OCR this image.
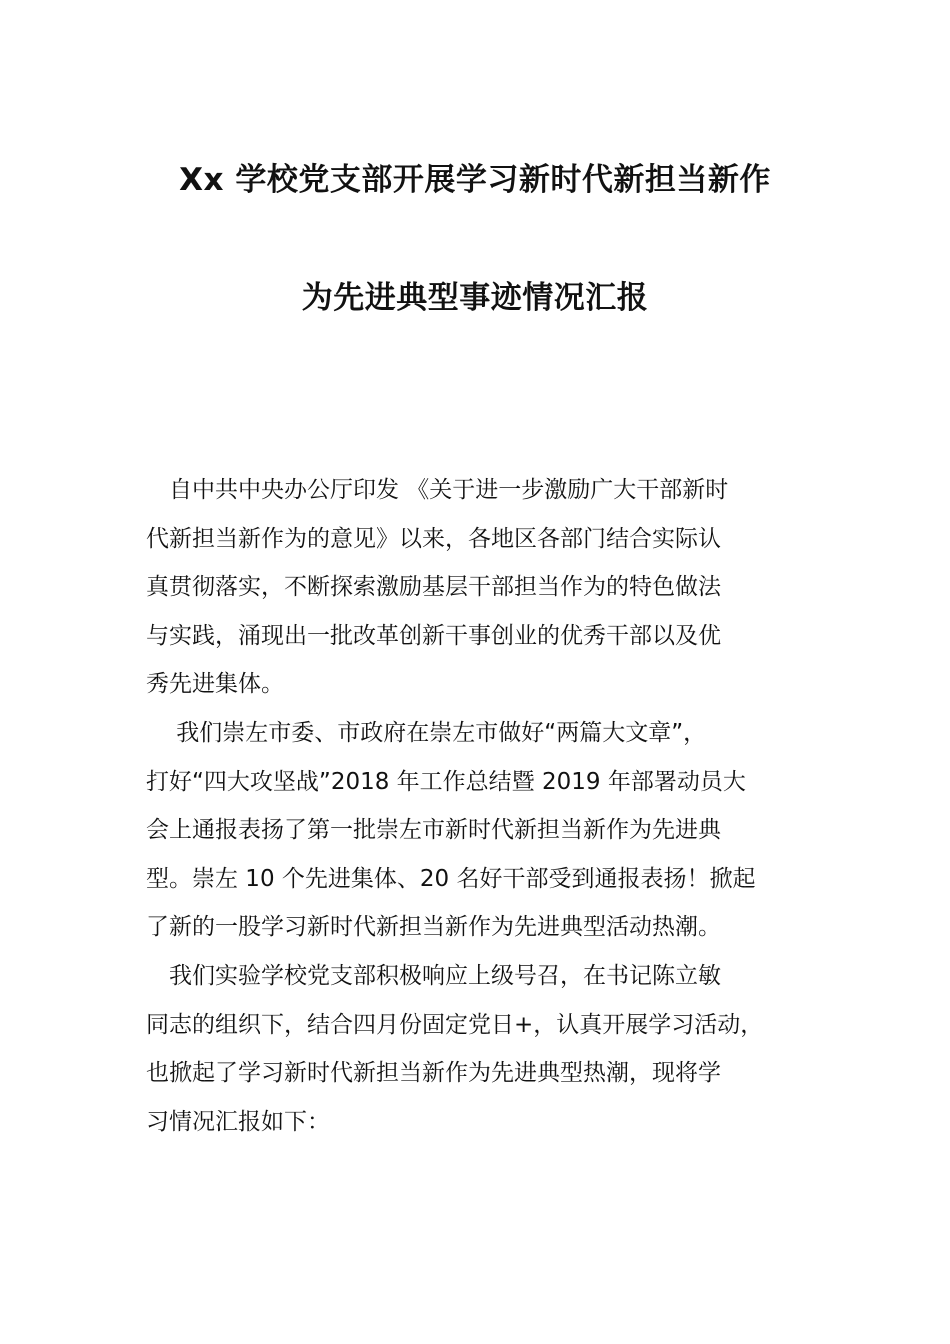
Xx 学校党支部开展学习新时代新担当新作
为先进典型事迹情况汇报
　自中共中央办公厅印发 《关于进一步激励广大干部新时
代新担当新作为的意见》以来，各地区各部门结合实际认
真贯彻落实，不断探索激励基层干部担当作为的特色做法
与实践，涌现出一批改革创新干事创业的优秀干部以及优
秀先进集体。
　 我们崇左市委、市政府在崇左市做好“两篇大文章”，
打好“四大攻坚战”2018 年工作总结暨 2019 年部署动员大
会上通报表扬了第一批崇左市新时代新担当新作为先进典
型。崇左 10 个先进集体、20 名好干部受到通报表扬！掀起
了新的一股学习新时代新担当新作为先进典型活动热潮。
　我们实验学校党支部积极响应上级号召，在书记陈立敏
同志的组织下，结合四月份固定党日+，认真开展学习活动，
也掀起了学习新时代新担当新作为先进典型热潮，现将学
习情况汇报如下：
